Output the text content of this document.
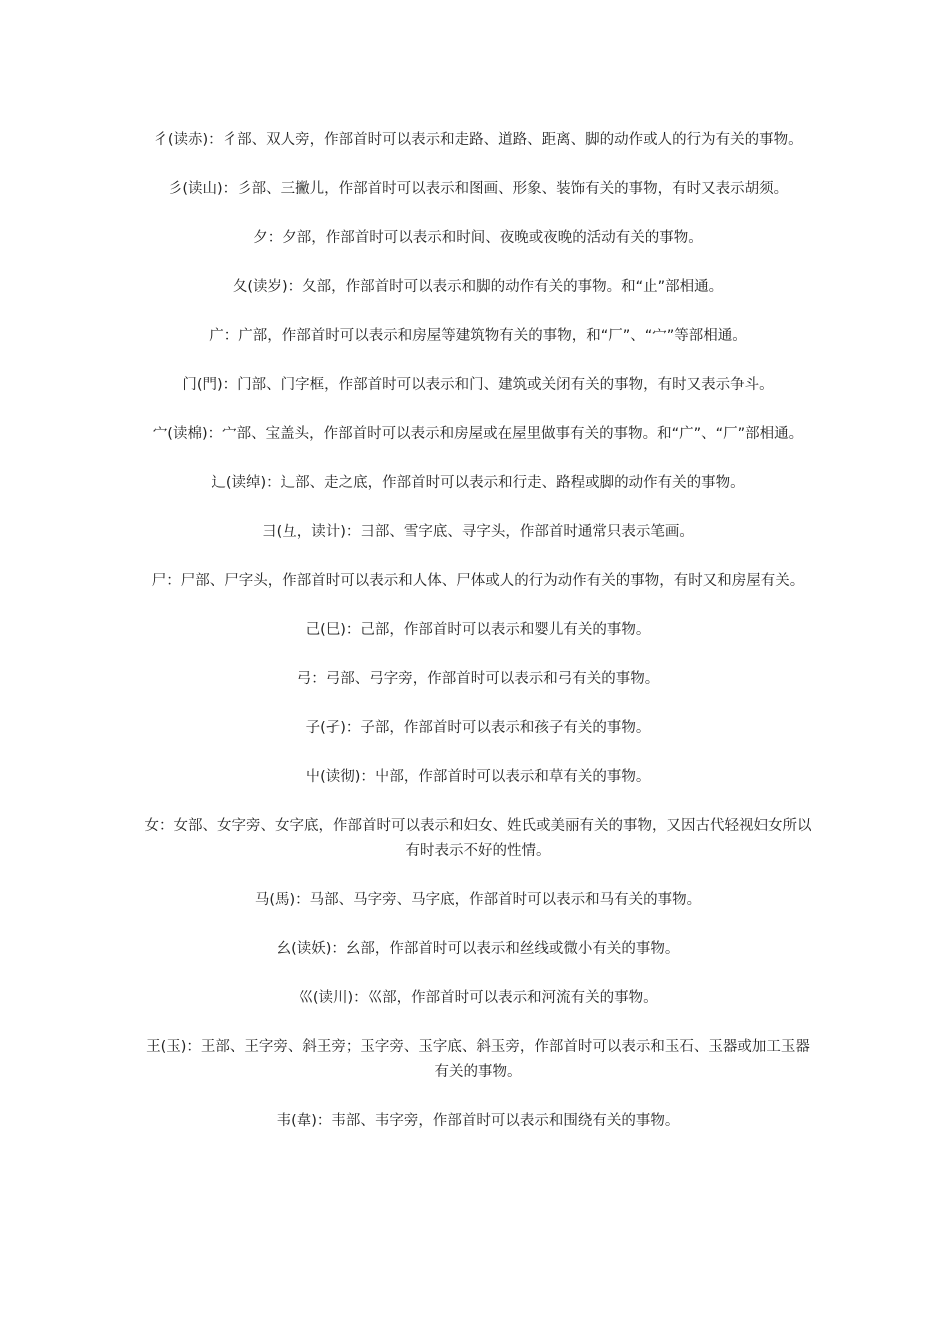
彳(读赤)：彳部、双人旁，作部首时可以表示和走路、道路、距离、脚的动作或人的行为有关的事物。

彡(读山)：彡部、三撇儿，作部首时可以表示和图画、形象、装饰有关的事物，有时又表示胡须。

夕：夕部，作部首时可以表示和时间、夜晚或夜晚的活动有关的事物。

夂(读岁)：夂部，作部首时可以表示和脚的动作有关的事物。和“止”部相通。

广：广部，作部首时可以表示和房屋等建筑物有关的事物，和“厂”、“宀”等部相通。

门(門)：门部、门字框，作部首时可以表示和门、建筑或关闭有关的事物，有时又表示争斗。

宀(读棉)：宀部、宝盖头，作部首时可以表示和房屋或在屋里做事有关的事物。和“广”、“厂”部相通。

辶(读绰)：辶部、走之底，作部首时可以表示和行走、路程或脚的动作有关的事物。

彐(彑，读计)：彐部、雪字底、寻字头，作部首时通常只表示笔画。

尸：尸部、尸字头，作部首时可以表示和人体、尸体或人的行为动作有关的事物，有时又和房屋有关。

己(巳)：己部，作部首时可以表示和婴儿有关的事物。

弓：弓部、弓字旁，作部首时可以表示和弓有关的事物。

子(孑)：子部，作部首时可以表示和孩子有关的事物。

屮(读彻)：屮部，作部首时可以表示和草有关的事物。

女：女部、女字旁、女字底，作部首时可以表示和妇女、姓氏或美丽有关的事物，又因古代轻视妇女所以有时表示不好的性情。

马(馬)：马部、马字旁、马字底，作部首时可以表示和马有关的事物。

幺(读妖)：幺部，作部首时可以表示和丝线或微小有关的事物。

巛(读川)：巛部，作部首时可以表示和河流有关的事物。

王(玉)：王部、王字旁、斜王旁；玉字旁、玉字底、斜玉旁，作部首时可以表示和玉石、玉器或加工玉器有关的事物。

韦(韋)：韦部、韦字旁，作部首时可以表示和围绕有关的事物。
